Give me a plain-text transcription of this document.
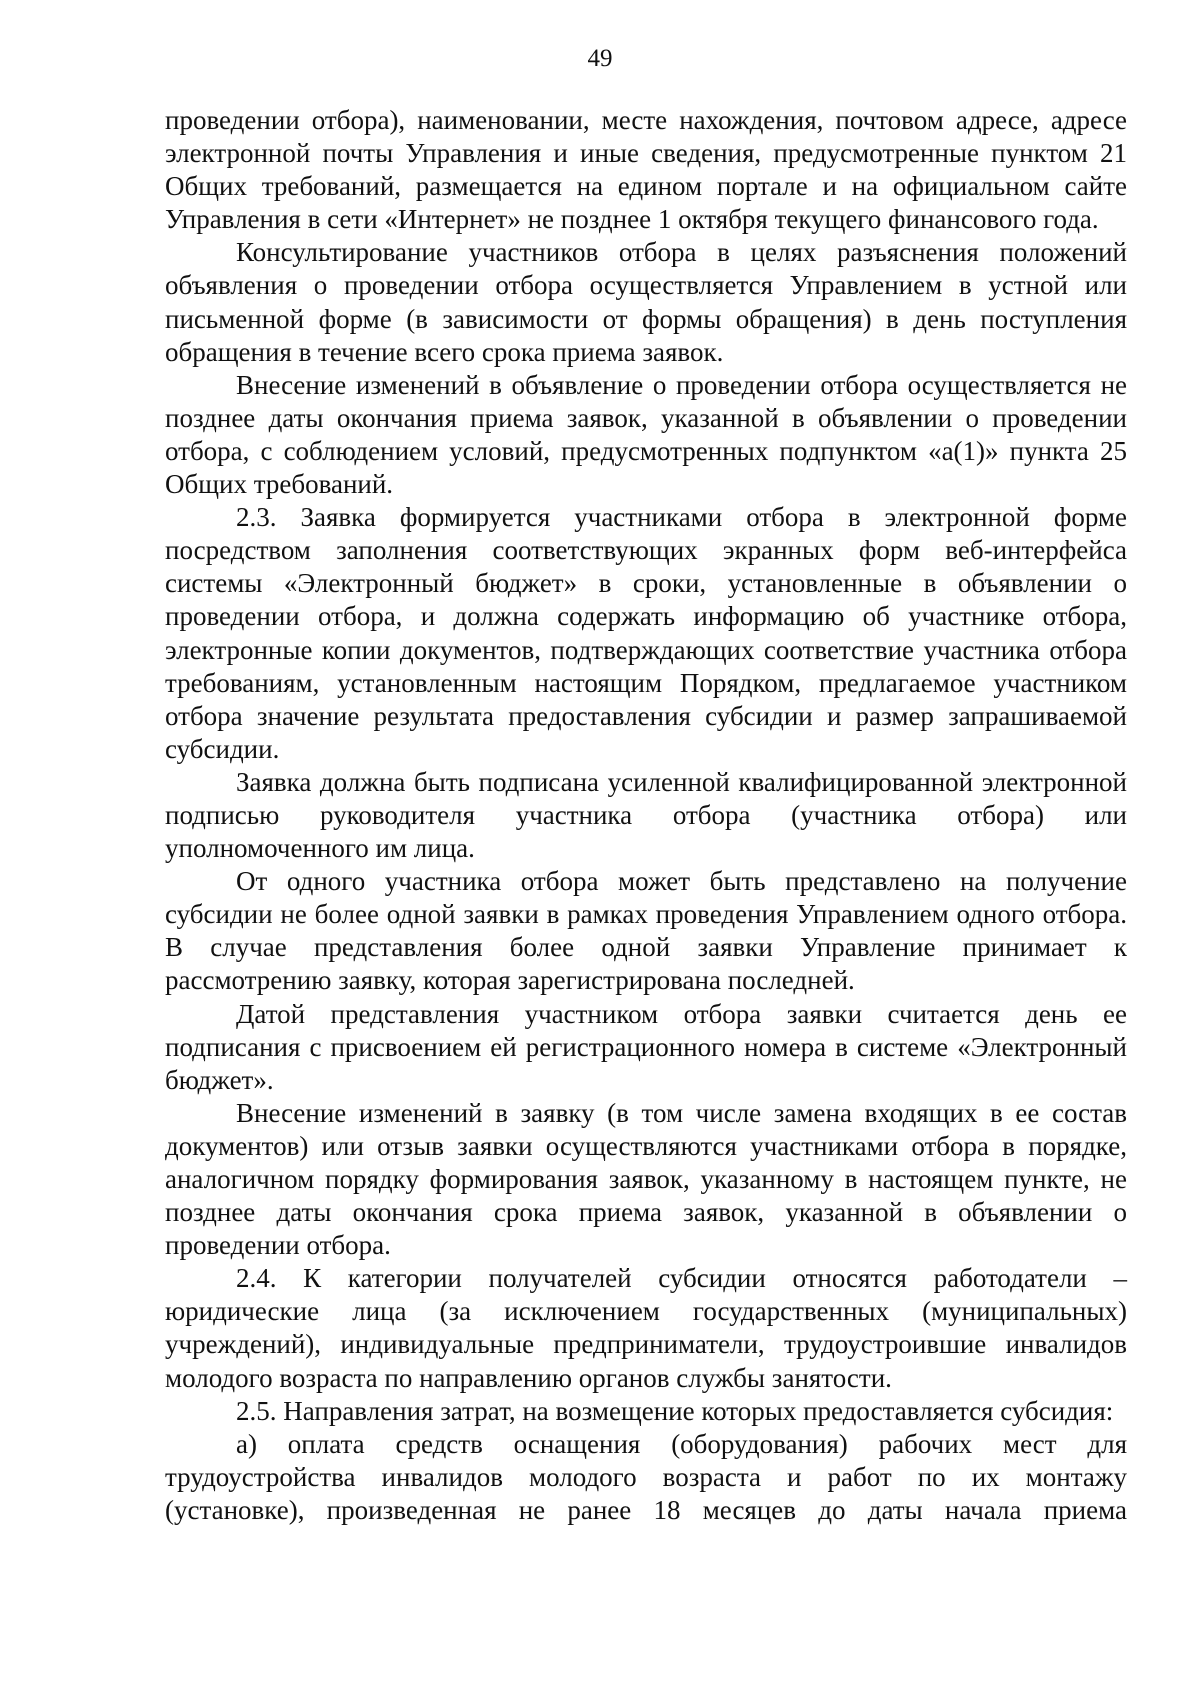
49

проведении отбора), наименовании, месте нахождения, почтовом адресе, адресе электронной почты Управления и иные сведения, предусмотренные пунктом 21 Общих требований, размещается на едином портале и на официальном сайте Управления в сети «Интернет» не позднее 1 октября текущего финансового года.

Консультирование участников отбора в целях разъяснения положений объявления о проведении отбора осуществляется Управлением в устной или письменной форме (в зависимости от формы обращения) в день поступления обращения в течение всего срока приема заявок.

Внесение изменений в объявление о проведении отбора осуществляется не позднее даты окончания приема заявок, указанной в объявлении о проведении отбора, с соблюдением условий, предусмотренных подпунктом «а(1)» пункта 25 Общих требований.

2.3. Заявка формируется участниками отбора в электронной форме посредством заполнения соответствующих экранных форм веб-интерфейса системы «Электронный бюджет» в сроки, установленные в объявлении о проведении отбора, и должна содержать информацию об участнике отбора, электронные копии документов, подтверждающих соответствие участника отбора требованиям, установленным настоящим Порядком, предлагаемое участником отбора значение результата предоставления субсидии и размер запрашиваемой субсидии.

Заявка должна быть подписана усиленной квалифицированной электронной подписью руководителя участника отбора (участника отбора) или уполномоченного им лица.

От одного участника отбора может быть представлено на получение субсидии не более одной заявки в рамках проведения Управлением одного отбора. В случае представления более одной заявки Управление принимает к рассмотрению заявку, которая зарегистрирована последней.

Датой представления участником отбора заявки считается день ее подписания с присвоением ей регистрационного номера в системе «Электронный бюджет».

Внесение изменений в заявку (в том числе замена входящих в ее состав документов) или отзыв заявки осуществляются участниками отбора в порядке, аналогичном порядку формирования заявок, указанному в настоящем пункте, не позднее даты окончания срока приема заявок, указанной в объявлении о проведении отбора.

2.4. К категории получателей субсидии относятся работодатели – юридические лица (за исключением государственных (муниципальных) учреждений), индивидуальные предприниматели, трудоустроившие инвалидов молодого возраста по направлению органов службы занятости.

2.5. Направления затрат, на возмещение которых предоставляется субсидия:

а) оплата средств оснащения (оборудования) рабочих мест для
трудоустройства инвалидов молодого возраста и работ по их монтажу
(установке), произведенная не ранее 18 месяцев до даты начала приема
